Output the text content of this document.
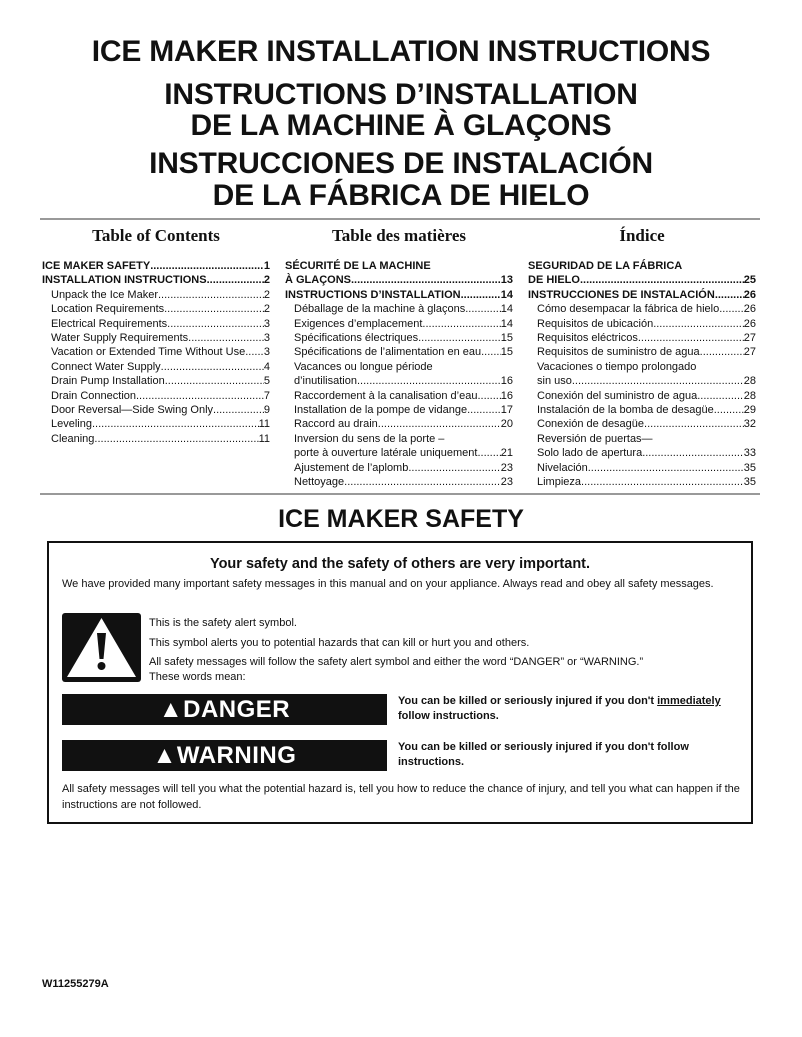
ICE MAKER INSTALLATION INSTRUCTIONS
INSTRUCTIONS D’INSTALLATION
DE LA MACHINE À GLAÇONS
INSTRUCCIONES DE INSTALACIÓN
DE LA FÁBRICA DE HIELO
Table of Contents
ICE MAKER SAFETY .....	1
INSTALLATION INSTRUCTIONS .....	2
Unpack the Ice Maker .....	2
Location Requirements .....	2
Electrical Requirements .....	3
Water Supply Requirements .....	3
Vacation or Extended Time Without Use ..... 3
Connect Water Supply .....	4
Drain Pump Installation .....	5
Drain Connection .....	7
Door Reversal—Side Swing Only .....	9
Leveling .....	11
Cleaning .....	11
Table des matières
SÉCURITÉ DE LA MACHINE
À GLAÇONS .....	13
INSTRUCTIONS D’INSTALLATION .....	14
Déballage de la machine à glaçons .....	14
Exigences d’emplacement .....	14
Spécifications électriques .....	15
Spécifications de l’alimentation en eau ..... 15
Vacances ou longue période
d’inutilisation .....	16
Raccordement à la canalisation d’eau ..... 16
Installation de la pompe de vidange .....	17
Raccord au drain .....	20
Inversion du sens de la porte –
porte à ouverture latérale uniquement ..... 21
Ajustement de l’aplomb .....	23
Nettoyage .....	23
Índice
SEGURIDAD DE LA FÁBRICA
DE HIELO .....	25
INSTRUCCIONES DE INSTALACIÓN .....	26
Cómo desempacar la fábrica de hielo ..... 26
Requisitos de ubicación .....	26
Requisitos eléctricos .....	27
Requisitos de suministro de agua .....	27
Vacaciones o tiempo prolongado
sin uso .....	28
Conexión del suministro de agua .....	28
Instalación de la bomba de desagüe .....	29
Conexión de desagüe .....	32
Reversión de puertas—
Solo lado de apertura .....	33
Nivelación .....	35
Limpieza .....	35
ICE MAKER SAFETY
Your safety and the safety of others are very important.
We have provided many important safety messages in this manual and on your appliance. Always read and obey all safety messages.
This is the safety alert symbol.
This symbol alerts you to potential hazards that can kill or hurt you and others.
All safety messages will follow the safety alert symbol and either the word “DANGER” or “WARNING.”
These words mean:
▲DANGER	You can be killed or seriously injured if you don't immediately follow instructions.
▲WARNING	You can be killed or seriously injured if you don't follow instructions.
All safety messages will tell you what the potential hazard is, tell you how to reduce the chance of injury, and tell you what can happen if the instructions are not followed.
W11255279A
